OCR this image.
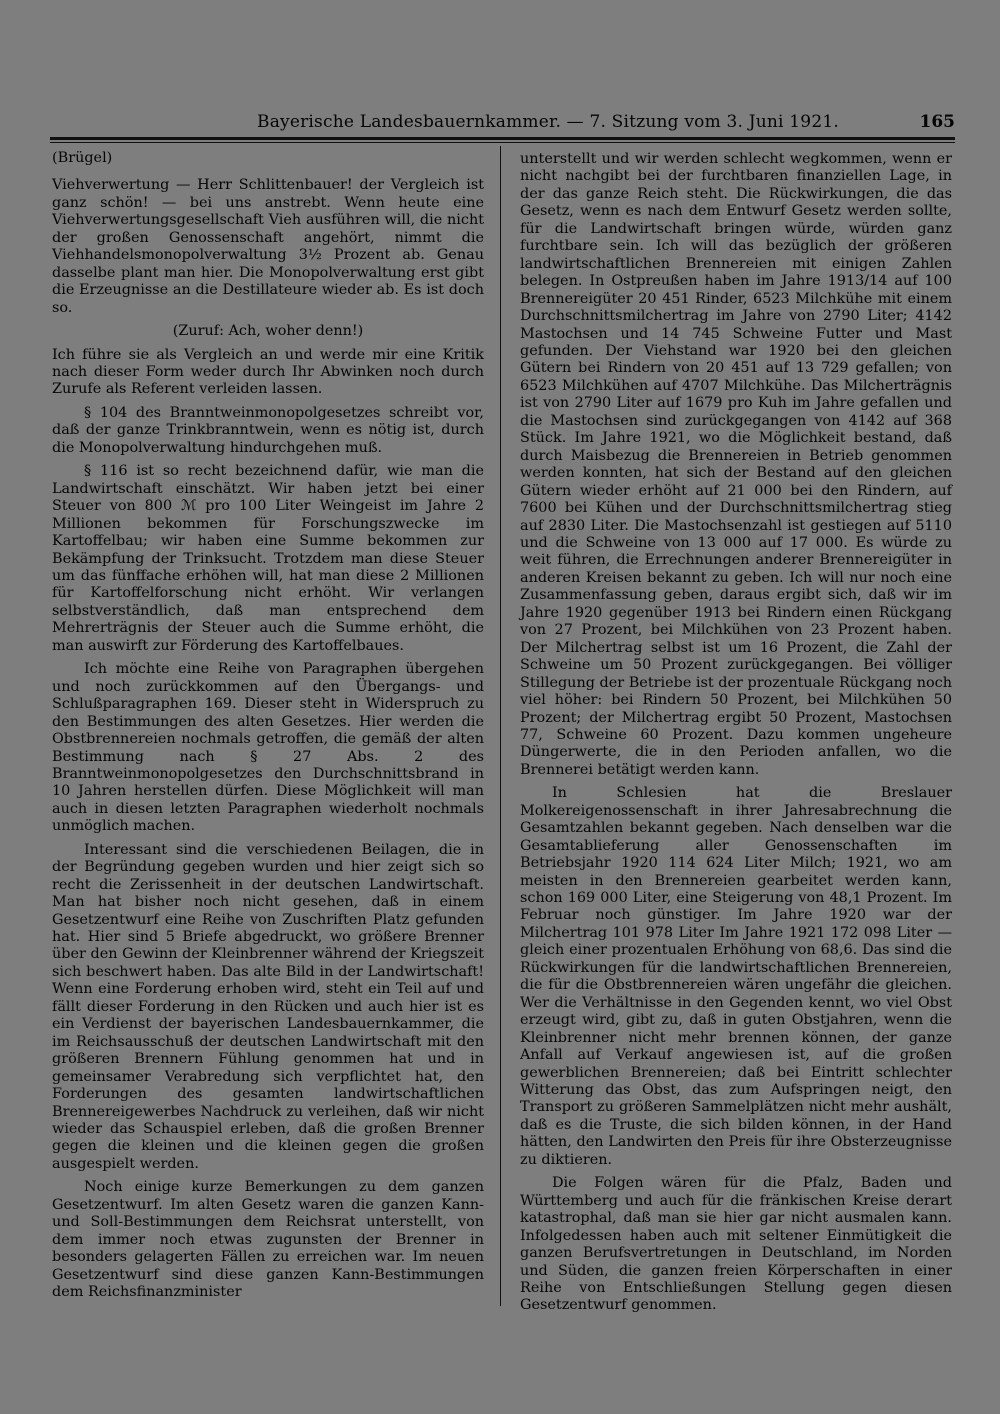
Bayerische Landesbauernkammer. — 7. Sitzung vom 3. Juni 1921.	165

(Brügel)

Viehverwertung — Herr Schlittenbauer! der Vergleich ist ganz schön! — bei uns anstrebt. Wenn heute eine Viehverwertungsgesellschaft Vieh ausführen will, die nicht der großen Genossenschaft angehört, nimmt die Viehhandelsmonopolverwaltung 3½ Prozent ab. Genau dasselbe plant man hier. Die Monopolverwaltung erst gibt die Erzeugnisse an die Destillateure wieder ab. Es ist doch so.

(Zuruf: Ach, woher denn!)

Ich führe sie als Vergleich an und werde mir eine Kritik nach dieser Form weder durch Ihr Abwinken noch durch Zurufe als Referent verleiden lassen.

§ 104 des Branntweinmonopolgesetzes schreibt vor, daß der ganze Trinkbranntwein, wenn es nötig ist, durch die Monopolverwaltung hindurchgehen muß.

§ 116 ist so recht bezeichnend dafür, wie man die Landwirtschaft einschätzt. Wir haben jetzt bei einer Steuer von 800 ℳ pro 100 Liter Weingeist im Jahre 2 Millionen bekommen für Forschungszwecke im Kartoffelbau; wir haben eine Summe bekommen zur Bekämpfung der Trinksucht. Trotzdem man diese Steuer um das fünffache erhöhen will, hat man diese 2 Millionen für Kartoffelforschung nicht erhöht. Wir verlangen selbstverständlich, daß man entsprechend dem Mehrerträgnis der Steuer auch die Summe erhöht, die man auswirft zur Förderung des Kartoffelbaues.

Ich möchte eine Reihe von Paragraphen übergehen und noch zurückkommen auf den Übergangs- und Schlußparagraphen 169. Dieser steht in Widerspruch zu den Bestimmungen des alten Gesetzes. Hier werden die Obstbrennereien nochmals getroffen, die gemäß der alten Bestimmung nach § 27 Abs. 2 des Branntweinmonopolgesetzes den Durchschnittsbrand in 10 Jahren herstellen dürfen. Diese Möglichkeit will man auch in diesen letzten Paragraphen wiederholt nochmals unmöglich machen.

Interessant sind die verschiedenen Beilagen, die in der Begründung gegeben wurden und hier zeigt sich so recht die Zerissenheit in der deutschen Landwirtschaft. Man hat bisher noch nicht gesehen, daß in einem Gesetzentwurf eine Reihe von Zuschriften Platz gefunden hat. Hier sind 5 Briefe abgedruckt, wo größere Brenner über den Gewinn der Kleinbrenner während der Kriegszeit sich beschwert haben. Das alte Bild in der Landwirtschaft! Wenn eine Forderung erhoben wird, steht ein Teil auf und fällt dieser Forderung in den Rücken und auch hier ist es ein Verdienst der bayerischen Landesbauernkammer, die im Reichsausschuß der deutschen Landwirtschaft mit den größeren Brennern Fühlung genommen hat und in gemeinsamer Verabredung sich verpflichtet hat, den Forderungen des gesamten landwirtschaftlichen Brennereigewerbes Nachdruck zu verleihen, daß wir nicht wieder das Schauspiel erleben, daß die großen Brenner gegen die kleinen und die kleinen gegen die großen ausgespielt werden.

Noch einige kurze Bemerkungen zu dem ganzen Gesetzentwurf. Im alten Gesetz waren die ganzen Kann- und Soll-Bestimmungen dem Reichsrat unterstellt, von dem immer noch etwas zugunsten der Brenner in besonders gelagerten Fällen zu erreichen war. Im neuen Gesetzentwurf sind diese ganzen Kann-Bestimmungen dem Reichsfinanzminister

unterstellt und wir werden schlecht wegkommen, wenn er nicht nachgibt bei der furchtbaren finanziellen Lage, in der das ganze Reich steht. Die Rückwirkungen, die das Gesetz, wenn es nach dem Entwurf Gesetz werden sollte, für die Landwirtschaft bringen würde, würden ganz furchtbare sein. Ich will das bezüglich der größeren landwirtschaftlichen Brennereien mit einigen Zahlen belegen. In Ostpreußen haben im Jahre 1913/14 auf 100 Brennereigüter 20 451 Rinder, 6523 Milchkühe mit einem Durchschnittsmilchertrag im Jahre von 2790 Liter; 4142 Mastochsen und 14 745 Schweine Futter und Mast gefunden. Der Viehstand war 1920 bei den gleichen Gütern bei Rindern von 20 451 auf 13 729 gefallen; von 6523 Milchkühen auf 4707 Milchkühe. Das Milcherträgnis ist von 2790 Liter auf 1679 pro Kuh im Jahre gefallen und die Mastochsen sind zurückgegangen von 4142 auf 368 Stück. Im Jahre 1921, wo die Möglichkeit bestand, daß durch Maisbezug die Brennereien in Betrieb genommen werden konnten, hat sich der Bestand auf den gleichen Gütern wieder erhöht auf 21 000 bei den Rindern, auf 7600 bei Kühen und der Durchschnittsmilchertrag stieg auf 2830 Liter. Die Mastochsenzahl ist gestiegen auf 5110 und die Schweine von 13 000 auf 17 000. Es würde zu weit führen, die Errechnungen anderer Brennereigüter in anderen Kreisen bekannt zu geben. Ich will nur noch eine Zusammenfassung geben, daraus ergibt sich, daß wir im Jahre 1920 gegenüber 1913 bei Rindern einen Rückgang von 27 Prozent, bei Milchkühen von 23 Prozent haben. Der Milchertrag selbst ist um 16 Prozent, die Zahl der Schweine um 50 Prozent zurückgegangen. Bei völliger Stillegung der Betriebe ist der prozentuale Rückgang noch viel höher: bei Rindern 50 Prozent, bei Milchkühen 50 Prozent; der Milchertrag ergibt 50 Prozent, Mastochsen 77, Schweine 60 Prozent. Dazu kommen ungeheure Düngerwerte, die in den Perioden anfallen, wo die Brennerei betätigt werden kann.

In Schlesien hat die Breslauer Molkereigenossenschaft in ihrer Jahresabrechnung die Gesamtzahlen bekannt gegeben. Nach denselben war die Gesamtablieferung aller Genossenschaften im Betriebsjahr 1920 114 624 Liter Milch; 1921, wo am meisten in den Brennereien gearbeitet werden kann, schon 169 000 Liter, eine Steigerung von 48,1 Prozent. Im Februar noch günstiger. Im Jahre 1920 war der Milchertrag 101 978 Liter Im Jahre 1921 172 098 Liter — gleich einer prozentualen Erhöhung von 68,6. Das sind die Rückwirkungen für die landwirtschaftlichen Brennereien, die für die Obstbrennereien wären ungefähr die gleichen. Wer die Verhältnisse in den Gegenden kennt, wo viel Obst erzeugt wird, gibt zu, daß in guten Obstjahren, wenn die Kleinbrenner nicht mehr brennen können, der ganze Anfall auf Verkauf angewiesen ist, auf die großen gewerblichen Brennereien; daß bei Eintritt schlechter Witterung das Obst, das zum Aufspringen neigt, den Transport zu größeren Sammelplätzen nicht mehr aushält, daß es die Truste, die sich bilden können, in der Hand hätten, den Landwirten den Preis für ihre Obsterzeugnisse zu diktieren.

Die Folgen wären für die Pfalz, Baden und Württemberg und auch für die fränkischen Kreise derart katastrophal, daß man sie hier gar nicht ausmalen kann. Infolgedessen haben auch mit seltener Einmütigkeit die ganzen Berufsvertretungen in Deutschland, im Norden und Süden, die ganzen freien Körperschaften in einer Reihe von Entschließungen Stellung gegen diesen Gesetzentwurf genommen.
